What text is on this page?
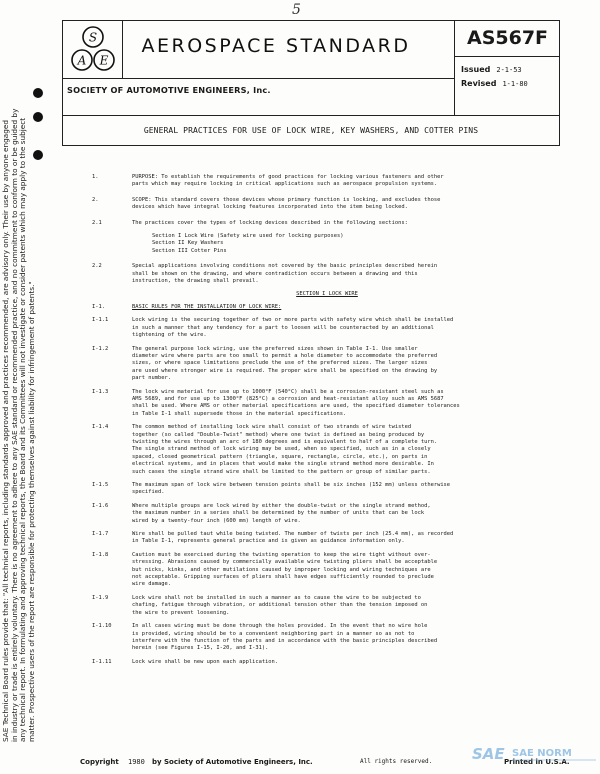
5
SAE Technical Board rules provide that: "All technical reports, including standards approved and practices recommended, are advisory only. Their use by anyone engaged in industry or trade is entirely voluntary. There is no agreement to adhere to any SAE standard or recommended practice, and no commitment to conform to or be guided by any technical report. In formulating and approving technical reports, the Board and its Committees will not investigate or consider patents which may apply to the subject matter. Prospective users of the report are responsible for protecting themselves against liability for infringement of patents."
S
A E
AEROSPACE STANDARD
SOCIETY OF AUTOMOTIVE ENGINEERS, Inc.
AS567F
Issued 2-1-53
Revised 1-1-80
GENERAL PRACTICES FOR USE OF LOCK WIRE, KEY WASHERS, AND COTTER PINS
1.	PURPOSE: To establish the requirements of good practices for locking various fasteners and other
parts which may require locking in critical applications such as aerospace propulsion systems.
2.	SCOPE: This standard covers those devices whose primary function is locking, and excludes those
devices which have integral locking features incorporated into the item being locked.
2.1	The practices cover the types of locking devices described in the following sections:
Section I Lock Wire (Safety wire used for locking purposes)
Section II Key Washers
Section III Cotter Pins
2.2	Special applications involving conditions not covered by the basic principles described herein
shall be shown on the drawing, and where contradiction occurs between a drawing and this
instruction, the drawing shall prevail.
SECTION I LOCK WIRE
I-1.	BASIC RULES FOR THE INSTALLATION OF LOCK WIRE:
I-1.1	Lock wiring is the securing together of two or more parts with safety wire which shall be installed
in such a manner that any tendency for a part to loosen will be counteracted by an additional
tightening of the wire.
I-1.2	The general purpose lock wiring, use the preferred sizes shown in Table I-1. Use smaller
diameter wire where parts are too small to permit a hole diameter to accommodate the preferred
sizes, or where space limitations preclude the use of the preferred sizes. The larger sizes
are used where stronger wire is required. The proper wire shall be specified on the drawing by
part number.
I-1.3	The lock wire material for use up to 1000°F (540°C) shall be a corrosion-resistant steel such as
AMS 5689, and for use up to 1300°F (825°C) a corrosion and heat-resistant alloy such as AMS 5687
shall be used. Where AMS or other material specifications are used, the specified diameter tolerances
in Table I-1 shall supersede those in the material specifications.
I-1.4	The common method of installing lock wire shall consist of two strands of wire twisted
together (so called "Double-Twist" method) where one twist is defined as being produced by
twisting the wires through an arc of 180 degrees and is equivalent to half of a complete turn.
The single strand method of lock wiring may be used, when so specified, such as in a closely
spaced, closed geometrical pattern (triangle, square, rectangle, circle, etc.), on parts in
electrical systems, and in places that would make the single strand method more desirable. In
such cases the single strand wire shall be limited to the pattern or group of similar parts.
I-1.5	The maximum span of lock wire between tension points shall be six inches (152 mm) unless otherwise
specified.
I-1.6	Where multiple groups are lock wired by either the double-twist or the single strand method,
the maximum number in a series shall be determined by the number of units that can be lock
wired by a twenty-four inch (600 mm) length of wire.
I-1.7	Wire shall be pulled taut while being twisted. The number of twists per inch (25.4 mm), as recorded
in Table I-1, represents general practice and is given as guidance information only.
I-1.8	Caution must be exercised during the twisting operation to keep the wire tight without over-
stressing. Abrasions caused by commercially available wire twisting pliers shall be acceptable
but nicks, kinks, and other mutilations caused by improper locking and wiring techniques are
not acceptable. Gripping surfaces of pliers shall have edges sufficiently rounded to preclude
wire damage.
I-1.9	Lock wire shall not be installed in such a manner as to cause the wire to be subjected to
chafing, fatigue through vibration, or additional tension other than the tension imposed on
the wire to prevent loosening.
I-1.10	In all cases wiring must be done through the holes provided. In the event that no wire hole
is provided, wiring should be to a convenient neighboring part in a manner so as not to
interfere with the function of the parts and in accordance with the basic principles described
herein (see Figures I-15, I-20, and I-31).
I-1.11	Lock wire shall be new upon each application.
Copyright 1980 by Society of Automotive Engineers, Inc.	All rights reserved.	Printed in U.S.A.
SAE SAE NORM
